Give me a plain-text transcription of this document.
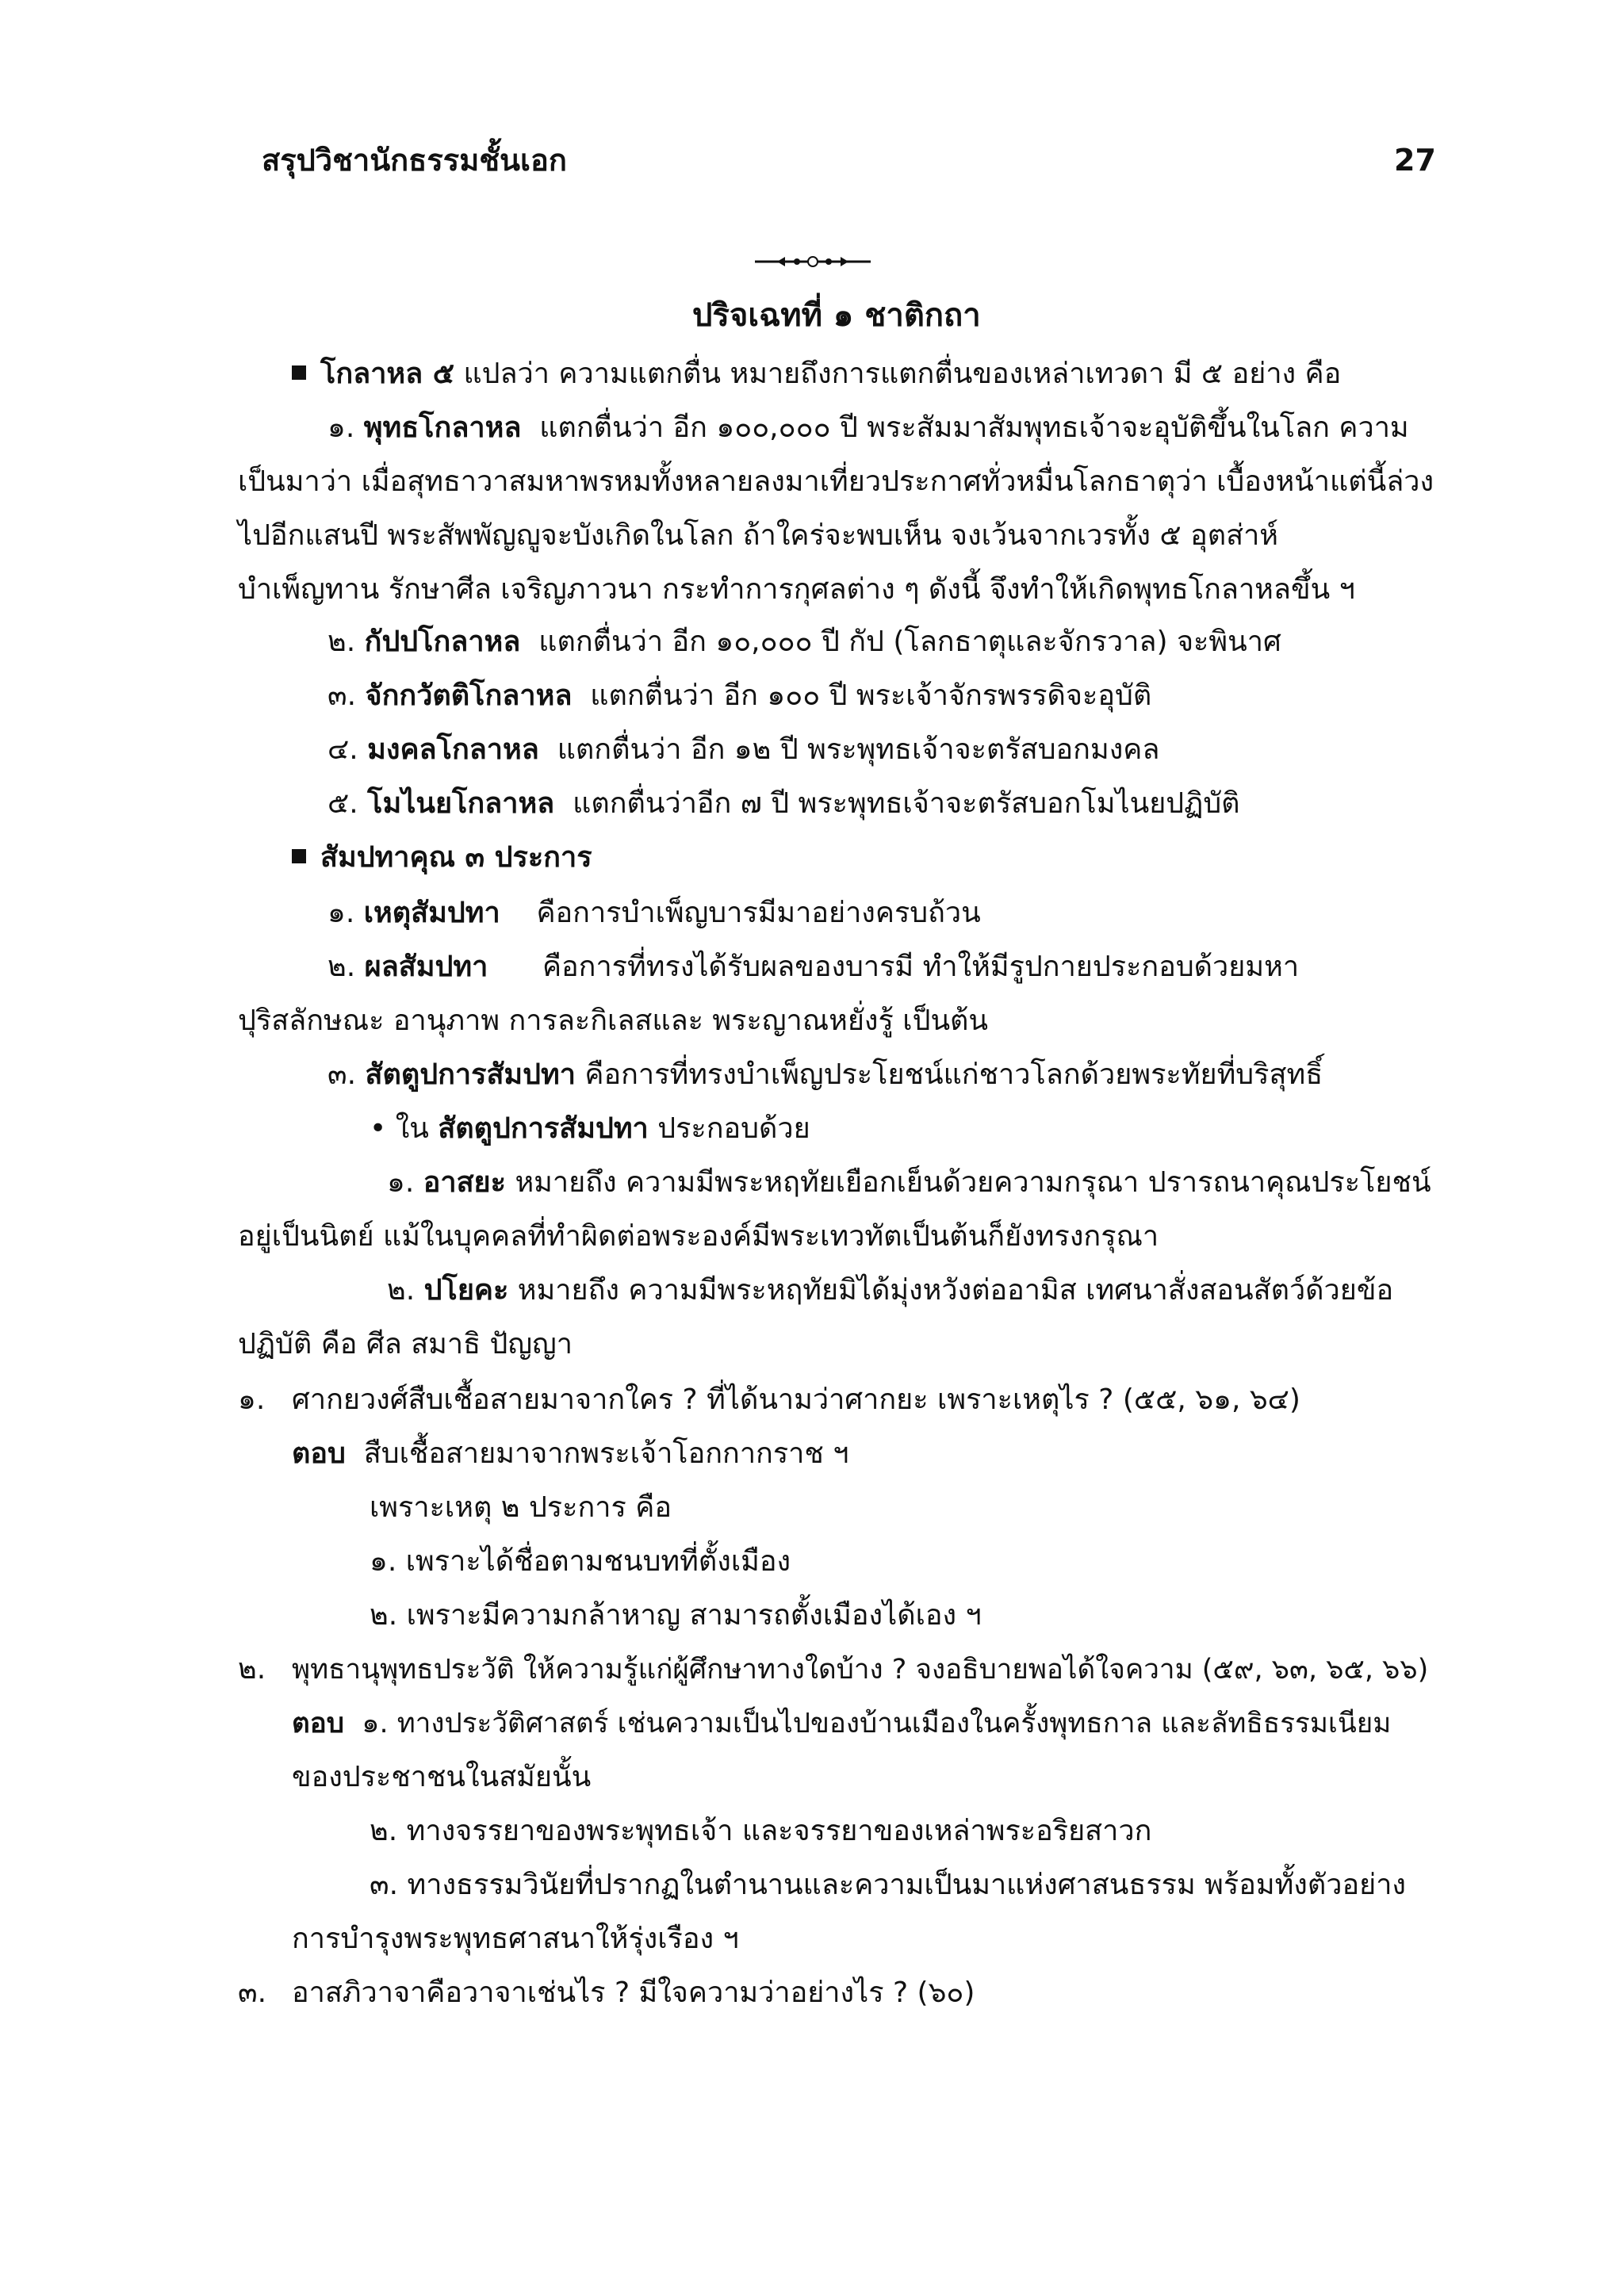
สรุปวิชานักธรรมชั้นเอก	27
ปริจเฉทที่ ๑ ชาติกถา
โกลาหล ๕ แปลว่า ความแตกตื่น หมายถึงการแตกตื่นของเหล่าเทวดา มี ๕ อย่าง คือ
๑. พุทธโกลาหล แตกตื่นว่า อีก ๑๐๐,๐๐๐ ปี พระสัมมาสัมพุทธเจ้าจะอุบัติขึ้นในโลก ความ
เป็นมาว่า เมื่อสุทธาวาสมหาพรหมทั้งหลายลงมาเที่ยวประกาศทั่วหมื่นโลกธาตุว่า เบื้องหน้าแต่นี้ล่วง
ไปอีกแสนปี พระสัพพัญญูจะบังเกิดในโลก ถ้าใคร่จะพบเห็น จงเว้นจากเวรทั้ง ๕ อุตส่าห์
บำเพ็ญทาน รักษาศีล เจริญภาวนา กระทำการกุศลต่าง ๆ ดังนี้ จึงทำให้เกิดพุทธโกลาหลขึ้น ฯ
๒. กัปปโกลาหล แตกตื่นว่า อีก ๑๐,๐๐๐ ปี กัป (โลกธาตุและจักรวาล) จะพินาศ
๓. จักกวัตติโกลาหล แตกตื่นว่า อีก ๑๐๐ ปี พระเจ้าจักรพรรดิจะอุบัติ
๔. มงคลโกลาหล แตกตื่นว่า อีก ๑๒ ปี พระพุทธเจ้าจะตรัสบอกมงคล
๕. โมไนยโกลาหล แตกตื่นว่าอีก ๗ ปี พระพุทธเจ้าจะตรัสบอกโมไนยปฏิบัติ
สัมปทาคุณ ๓ ประการ
๑. เหตุสัมปทา คือการบำเพ็ญบารมีมาอย่างครบถ้วน
๒. ผลสัมปทา คือการที่ทรงได้รับผลของบารมี ทำให้มีรูปกายประกอบด้วยมหา
ปุริสลักษณะ อานุภาพ การละกิเลสและ พระญาณหยั่งรู้ เป็นต้น
๓. สัตตูปการสัมปทา คือการที่ทรงบำเพ็ญประโยชน์แก่ชาวโลกด้วยพระทัยที่บริสุทธิ์
• ใน สัตตูปการสัมปทา ประกอบด้วย
๑. อาสยะ หมายถึง ความมีพระหฤทัยเยือกเย็นด้วยความกรุณา ปรารถนาคุณประโยชน์
อยู่เป็นนิตย์ แม้ในบุคคลที่ทำผิดต่อพระองค์มีพระเทวทัตเป็นต้นก็ยังทรงกรุณา
๒. ปโยคะ หมายถึง ความมีพระหฤทัยมิได้มุ่งหวังต่ออามิส เทศนาสั่งสอนสัตว์ด้วยข้อ
ปฏิบัติ คือ ศีล สมาธิ ปัญญา
๑. ศากยวงศ์สืบเชื้อสายมาจากใคร ? ที่ได้นามว่าศากยะ เพราะเหตุไร ? (๕๕, ๖๑, ๖๔)
ตอบ สืบเชื้อสายมาจากพระเจ้าโอกกากราช ฯ
เพราะเหตุ ๒ ประการ คือ
๑. เพราะได้ชื่อตามชนบทที่ตั้งเมือง
๒. เพราะมีความกล้าหาญ สามารถตั้งเมืองได้เอง ฯ
๒. พุทธานุพุทธประวัติ ให้ความรู้แก่ผู้ศึกษาทางใดบ้าง ? จงอธิบายพอได้ใจความ (๕๙, ๖๓, ๖๕, ๖๖)
ตอบ ๑. ทางประวัติศาสตร์ เช่นความเป็นไปของบ้านเมืองในครั้งพุทธกาล และลัทธิธรรมเนียม
ของประชาชนในสมัยนั้น
๒. ทางจรรยาของพระพุทธเจ้า และจรรยาของเหล่าพระอริยสาวก
๓. ทางธรรมวินัยที่ปรากฏในตำนานและความเป็นมาแห่งศาสนธรรม พร้อมทั้งตัวอย่าง
การบำรุงพระพุทธศาสนาให้รุ่งเรือง ฯ
๓. อาสภิวาจาคือวาจาเช่นไร ? มีใจความว่าอย่างไร ? (๖๐)
